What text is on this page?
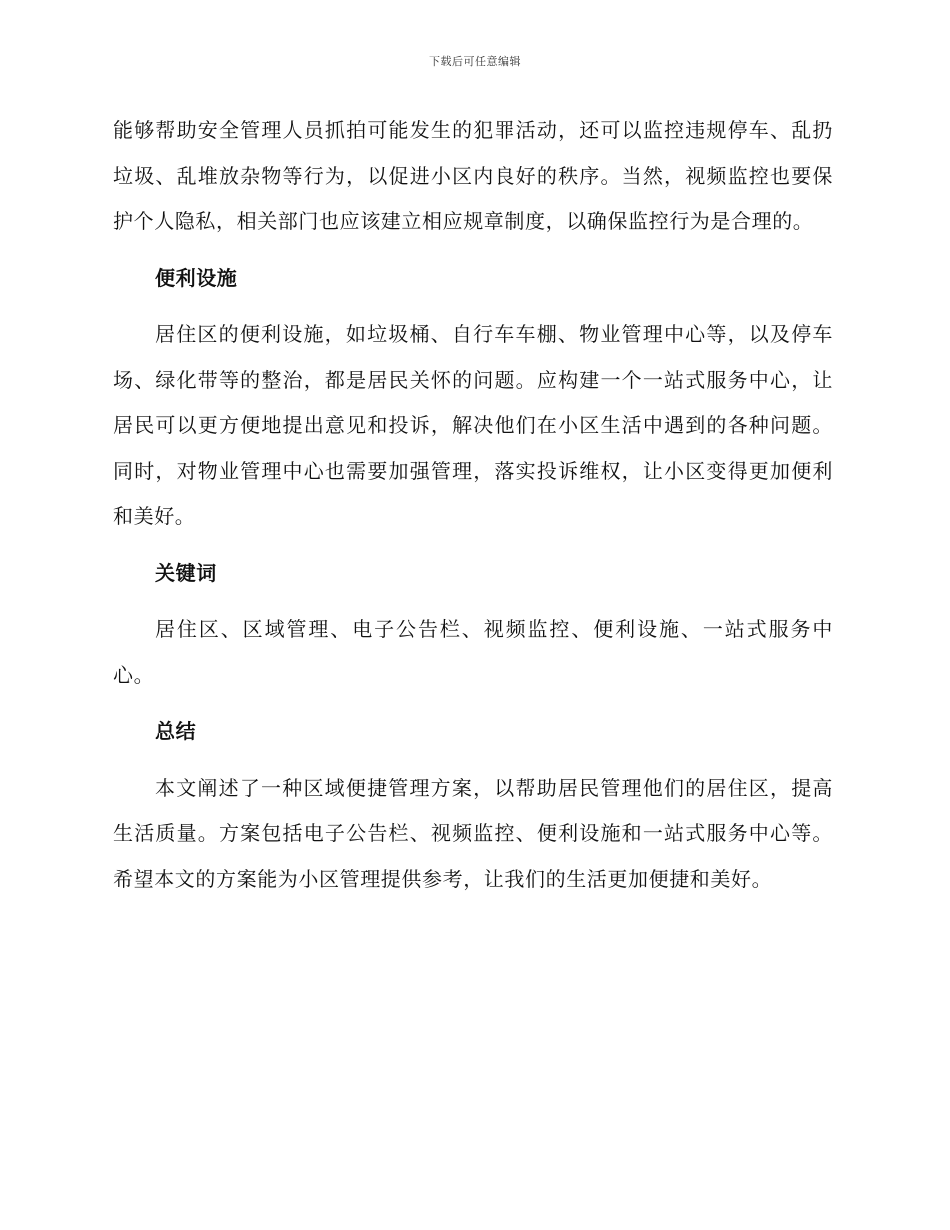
下载后可任意编辑

能够帮助安全管理人员抓拍可能发生的犯罪活动，还可以监控违规停车、乱扔垃圾、乱堆放杂物等行为，以促进小区内良好的秩序。当然，视频监控也要保护个人隐私，相关部门也应该建立相应规章制度，以确保监控行为是合理的。

便利设施

居住区的便利设施，如垃圾桶、自行车车棚、物业管理中心等，以及停车场、绿化带等的整治，都是居民关怀的问题。应构建一个一站式服务中心，让居民可以更方便地提出意见和投诉，解决他们在小区生活中遇到的各种问题。同时，对物业管理中心也需要加强管理，落实投诉维权，让小区变得更加便利和美好。

关键词

居住区、区域管理、电子公告栏、视频监控、便利设施、一站式服务中心。

总结

本文阐述了一种区域便捷管理方案，以帮助居民管理他们的居住区，提高生活质量。方案包括电子公告栏、视频监控、便利设施和一站式服务中心等。希望本文的方案能为小区管理提供参考，让我们的生活更加便捷和美好。
